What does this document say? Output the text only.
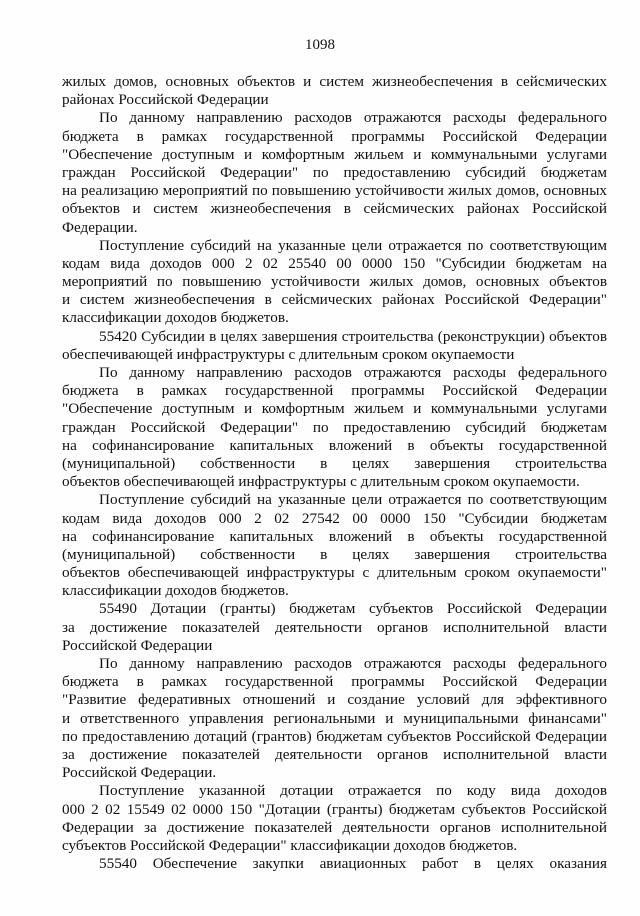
1098
жилых домов, основных объектов и систем жизнеобеспечения в сейсмических
районах Российской Федерации
По данному направлению расходов отражаются расходы федерального
бюджета в рамках государственной программы Российской Федерации
"Обеспечение доступным и комфортным жильем и коммунальными услугами
граждан Российской Федерации" по предоставлению субсидий бюджетам
на реализацию мероприятий по повышению устойчивости жилых домов, основных
объектов и систем жизнеобеспечения в сейсмических районах Российской
Федерации.
Поступление субсидий на указанные цели отражается по соответствующим
кодам вида доходов 000 2 02 25540 00 0000 150 "Субсидии бюджетам на
мероприятий по повышению устойчивости жилых домов, основных объектов
и систем жизнеобеспечения в сейсмических районах Российской Федерации"
классификации доходов бюджетов.
55420 Субсидии в целях завершения строительства (реконструкции) объектов
обеспечивающей инфраструктуры с длительным сроком окупаемости
По данному направлению расходов отражаются расходы федерального
бюджета в рамках государственной программы Российской Федерации
"Обеспечение доступным и комфортным жильем и коммунальными услугами
граждан Российской Федерации" по предоставлению субсидий бюджетам
на софинансирование капитальных вложений в объекты государственной
(муниципальной) собственности в целях завершения строительства
объектов обеспечивающей инфраструктуры с длительным сроком окупаемости.
Поступление субсидий на указанные цели отражается по соответствующим
кодам вида доходов 000 2 02 27542 00 0000 150 "Субсидии бюджетам
на софинансирование капитальных вложений в объекты государственной
(муниципальной) собственности в целях завершения строительства
объектов обеспечивающей инфраструктуры с длительным сроком окупаемости"
классификации доходов бюджетов.
55490 Дотации (гранты) бюджетам субъектов Российской Федерации
за достижение показателей деятельности органов исполнительной власти
Российской Федерации
По данному направлению расходов отражаются расходы федерального
бюджета в рамках государственной программы Российской Федерации
"Развитие федеративных отношений и создание условий для эффективного
и ответственного управления региональными и муниципальными финансами"
по предоставлению дотаций (грантов) бюджетам субъектов Российской Федерации
за достижение показателей деятельности органов исполнительной власти
Российской Федерации.
Поступление указанной дотации отражается по коду вида доходов
000 2 02 15549 02 0000 150 "Дотации (гранты) бюджетам субъектов Российской
Федерации за достижение показателей деятельности органов исполнительной
субъектов Российской Федерации" классификации доходов бюджетов.
55540 Обеспечение закупки авиационных работ в целях оказания
